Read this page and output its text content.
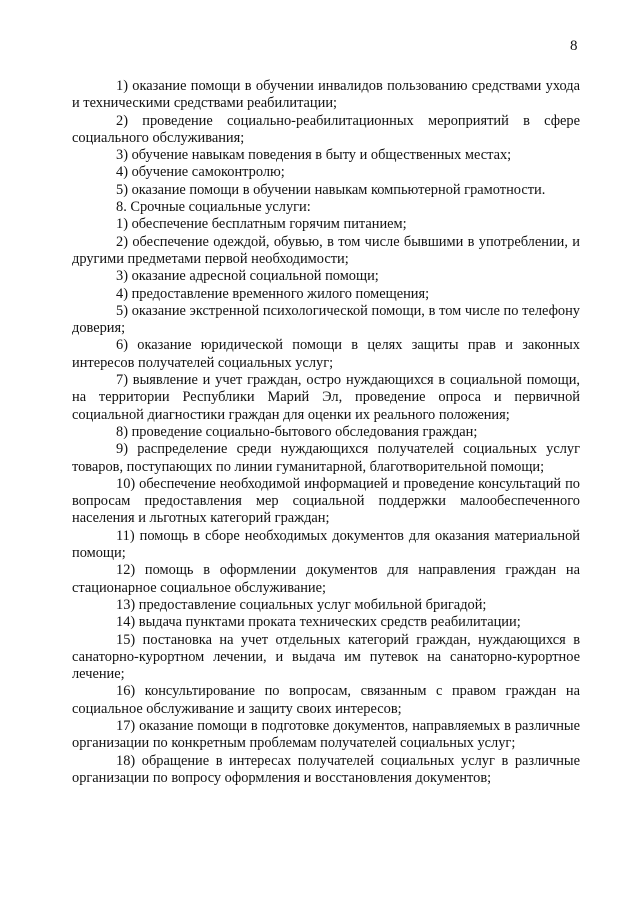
8

1) оказание помощи в обучении инвалидов пользованию средствами ухода и техническими средствами реабилитации;

2) проведение социально-реабилитационных мероприятий в сфере социального обслуживания;

3) обучение навыкам поведения в быту и общественных местах;

4) обучение самоконтролю;

5) оказание помощи в обучении навыкам компьютерной грамотности.

8. Срочные социальные услуги:

1) обеспечение бесплатным горячим питанием;

2) обеспечение одеждой, обувью, в том числе бывшими в употреблении, и другими предметами первой необходимости;

3) оказание адресной социальной помощи;

4) предоставление временного жилого помещения;

5) оказание экстренной психологической помощи, в том числе по телефону доверия;

6) оказание юридической помощи в целях защиты прав и законных интересов получателей социальных услуг;

7) выявление и учет граждан, остро нуждающихся в социальной помощи, на территории Республики Марий Эл, проведение опроса и первичной социальной диагностики граждан для оценки их реального положения;

8) проведение социально-бытового обследования граждан;

9) распределение среди нуждающихся получателей социальных услуг товаров, поступающих по линии гуманитарной, благотворительной помощи;

10) обеспечение необходимой информацией и проведение консультаций по вопросам предоставления мер социальной поддержки малообеспеченного населения и льготных категорий граждан;

11) помощь в сборе необходимых документов для оказания материальной помощи;

12) помощь в оформлении документов для направления граждан на стационарное социальное обслуживание;

13) предоставление социальных услуг мобильной бригадой;

14) выдача пунктами проката технических средств реабилитации;

15) постановка на учет отдельных категорий граждан, нуждающихся в санаторно-курортном лечении, и выдача им путевок на санаторно-курортное лечение;

16) консультирование по вопросам, связанным с правом граждан на социальное обслуживание и защиту своих интересов;

17) оказание помощи в подготовке документов, направляемых в различные организации по конкретным проблемам получателей социальных услуг;

18) обращение в интересах получателей социальных услуг в различные организации по вопросу оформления и восстановления документов;
